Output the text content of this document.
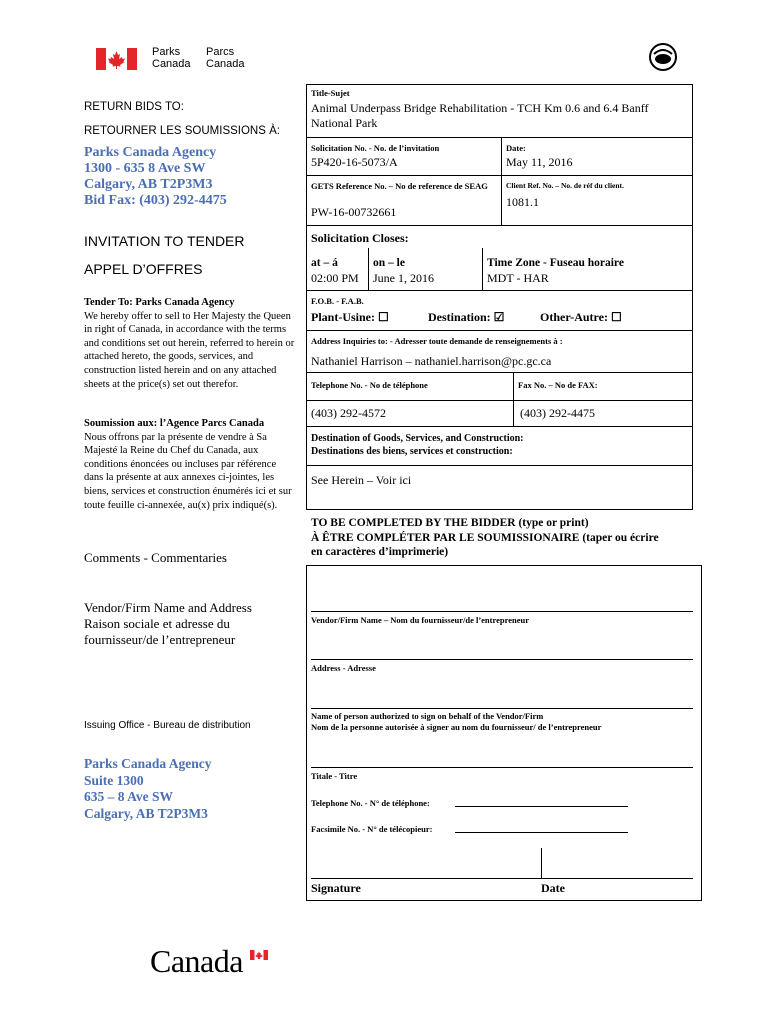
Parks
Canada
Parcs
Canada
RETURN BIDS TO:
RETOURNER LES SOUMISSIONS À:
Parks Canada Agency
1300 - 635 8 Ave SW
Calgary, AB T2P3M3
Bid Fax: (403) 292-4475
INVITATION TO TENDER
APPEL D’OFFRES
Tender To: Parks Canada Agency
We hereby offer to sell to Her Majesty the Queen in right of Canada, in accordance with the terms and conditions set out herein, referred to herein or attached hereto, the goods, services, and construction listed herein and on any attached sheets at the price(s) set out therefor.
Soumission aux: l’Agence Parcs Canada
Nous offrons par la présente de vendre à Sa Majesté la Reine du Chef du Canada, aux conditions énoncées ou incluses par référence dans la présente at aux annexes ci-jointes, les biens, services et construction énumérés ici et sur toute feuille ci-annexée, au(x) prix indiqué(s).
Comments - Commentaries
Vendor/Firm Name and Address
Raison sociale et adresse du
fournisseur/de l’entrepreneur
Issuing Office - Bureau de distribution
Parks Canada Agency
Suite 1300
635 – 8 Ave SW
Calgary, AB T2P3M3
Title-Sujet
Animal Underpass Bridge Rehabilitation - TCH Km 0.6 and 6.4 Banff National Park
Solicitation No. - No. de l’invitation
5P420-16-5073/A
Date:
May 11, 2016
GETS Reference No. – No de reference de SEAG
PW-16-00732661
Client Ref. No. – No. de réf du client.
1081.1
Solicitation Closes:
at – á
02:00 PM
on – le
June 1, 2016
Time Zone - Fuseau horaire
MDT - HAR
F.O.B. - F.A.B.
Plant-Usine: ☐	Destination: ☑	Other-Autre: ☐
Address Inquiries to: - Adresser toute demande de renseignements à :
Nathaniel Harrison – nathaniel.harrison@pc.gc.ca
Telephone No. - No de téléphone	Fax No. – No de FAX:
(403) 292-4572	(403) 292-4475
Destination of Goods, Services, and Construction:
Destinations des biens, services et construction:
See Herein – Voir ici
TO BE COMPLETED BY THE BIDDER (type or print)
À ÊTRE COMPLÉTER PAR LE SOUMISSIONAIRE (taper ou écrire
en caractères d’imprimerie)
Vendor/Firm Name – Nom du fournisseur/de l’entrepreneur
Address - Adresse
Name of person authorized to sign on behalf of the Vendor/Firm
Nom de la personne autorisée à signer au nom du fournisseur/ de l’entrepreneur
Titale - Titre
Telephone No. - N° de téléphone:
Facsimile No. - N° de télécopieur:
Signature	Date
Canada
